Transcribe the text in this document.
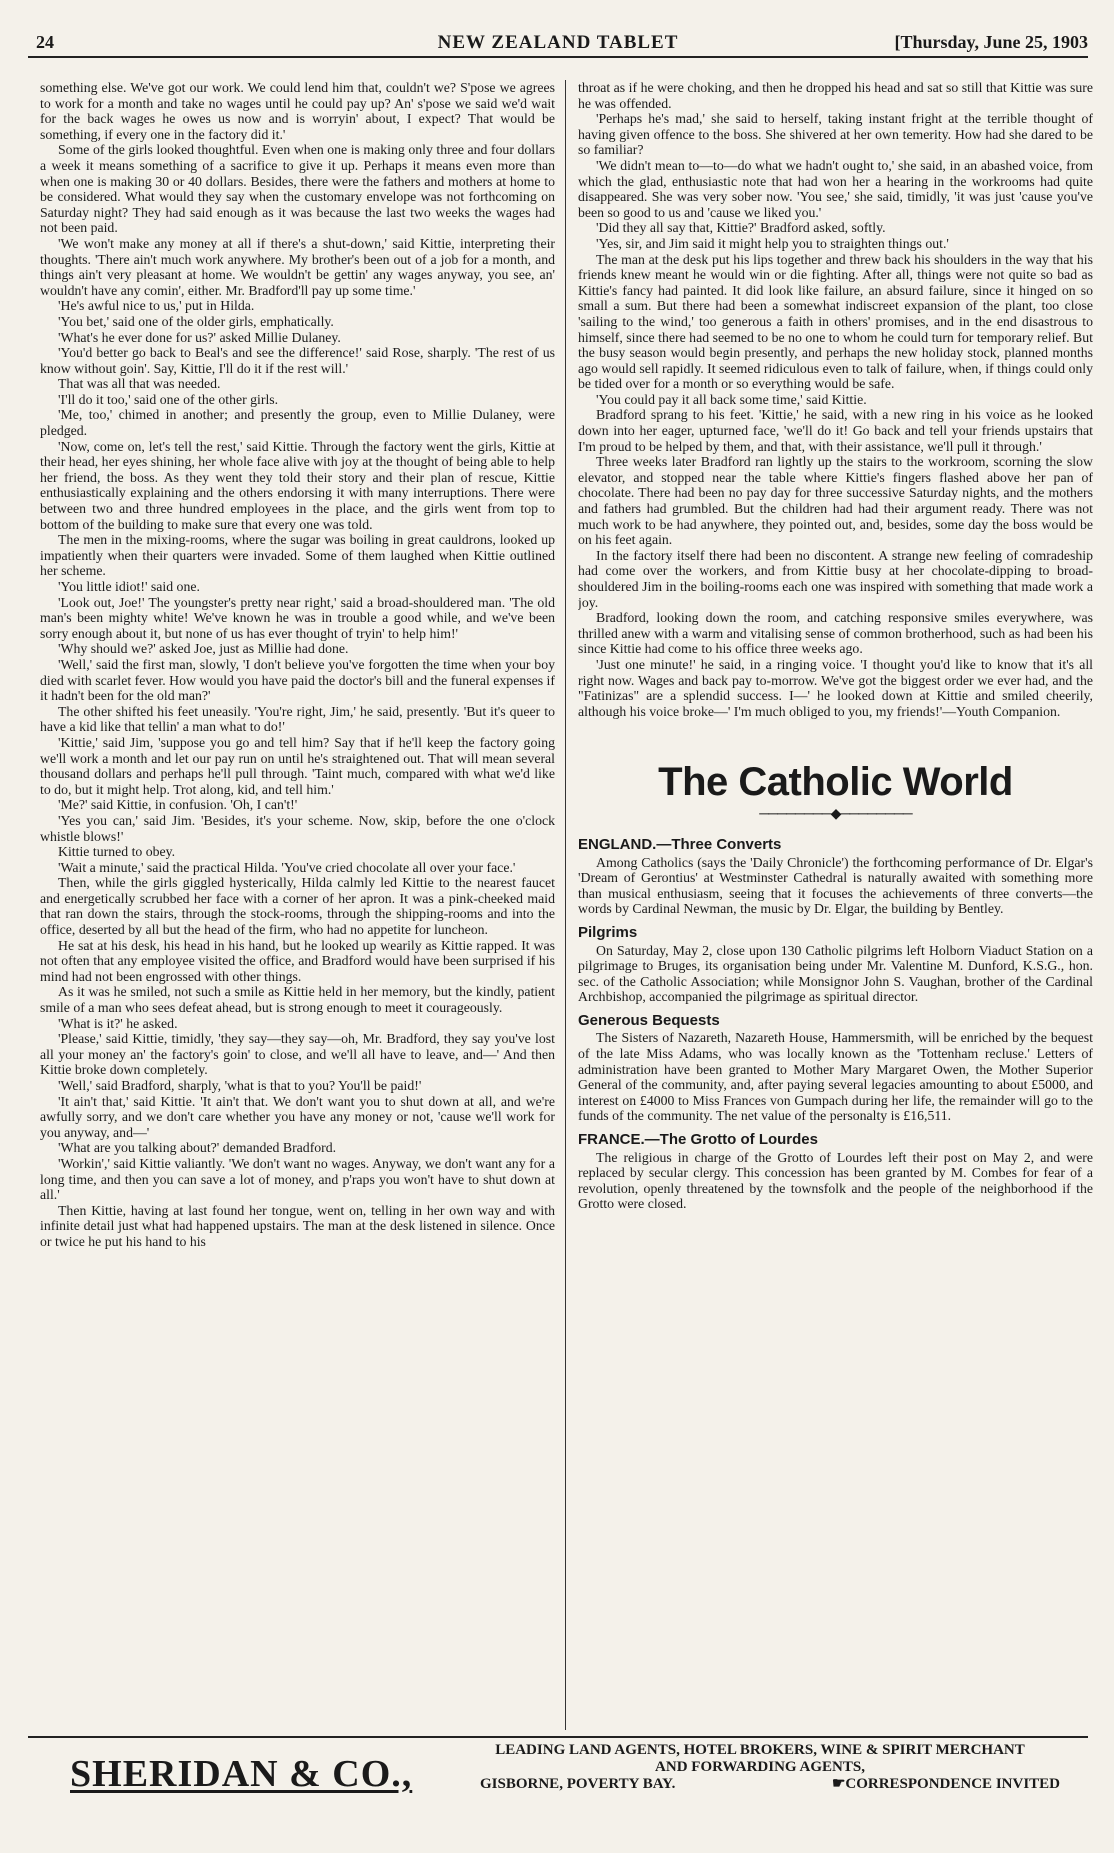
24	NEW ZEALAND TABLET	[Thursday, June 25, 1903

something else. We've got our work. We could lend him that, couldn't we? S'pose we agrees to work for a month and take no wages until he could pay up? An' s'pose we said we'd wait for the back wages he owes us now and is worryin' about, I expect? That would be something, if every one in the factory did it.'

Some of the girls looked thoughtful. Even when one is making only three and four dollars a week it means something of a sacrifice to give it up. Perhaps it means even more than when one is making 30 or 40 dollars. Besides, there were the fathers and mothers at home to be considered. What would they say when the customary envelope was not forthcoming on Saturday night? They had said enough as it was because the last two weeks the wages had not been paid.

'We won't make any money at all if there's a shut-down,' said Kittie, interpreting their thoughts. 'There ain't much work anywhere. My brother's been out of a job for a month, and things ain't very pleasant at home. We wouldn't be gettin' any wages anyway, you see, an' wouldn't have any comin', either. Mr. Bradford'll pay up some time.'

'He's awful nice to us,' put in Hilda.

'You bet,' said one of the older girls, emphatically.

'What's he ever done for us?' asked Millie Dulaney.

'You'd better go back to Beal's and see the difference!' said Rose, sharply. 'The rest of us know without goin'. Say, Kittie, I'll do it if the rest will.'

That was all that was needed.

'I'll do it too,' said one of the other girls.

'Me, too,' chimed in another; and presently the group, even to Millie Dulaney, were pledged.

'Now, come on, let's tell the rest,' said Kittie. Through the factory went the girls, Kittie at their head, her eyes shining, her whole face alive with joy at the thought of being able to help her friend, the boss. As they went they told their story and their plan of rescue, Kittie enthusiastically explaining and the others endorsing it with many interruptions. There were between two and three hundred employees in the place, and the girls went from top to bottom of the building to make sure that every one was told.

The men in the mixing-rooms, where the sugar was boiling in great cauldrons, looked up impatiently when their quarters were invaded. Some of them laughed when Kittie outlined her scheme.

'You little idiot!' said one.

'Look out, Joe!' The youngster's pretty near right,' said a broad-shouldered man. 'The old man's been mighty white! We've known he was in trouble a good while, and we've been sorry enough about it, but none of us has ever thought of tryin' to help him!'

'Why should we?' asked Joe, just as Millie had done.

'Well,' said the first man, slowly, 'I don't believe you've forgotten the time when your boy died with scarlet fever. How would you have paid the doctor's bill and the funeral expenses if it hadn't been for the old man?'

The other shifted his feet uneasily. 'You're right, Jim,' he said, presently. 'But it's queer to have a kid like that tellin' a man what to do!'

'Kittie,' said Jim, 'suppose you go and tell him? Say that if he'll keep the factory going we'll work a month and let our pay run on until he's straightened out. That will mean several thousand dollars and perhaps he'll pull through. 'Taint much, compared with what we'd like to do, but it might help. Trot along, kid, and tell him.'

'Me?' said Kittie, in confusion. 'Oh, I can't!'

'Yes you can,' said Jim. 'Besides, it's your scheme. Now, skip, before the one o'clock whistle blows!'

Kittie turned to obey.

'Wait a minute,' said the practical Hilda. 'You've cried chocolate all over your face.'

Then, while the girls giggled hysterically, Hilda calmly led Kittie to the nearest faucet and energetically scrubbed her face with a corner of her apron. It was a pink-cheeked maid that ran down the stairs, through the stock-rooms, through the shipping-rooms and into the office, deserted by all but the head of the firm, who had no appetite for luncheon.

He sat at his desk, his head in his hand, but he looked up wearily as Kittie rapped. It was not often that any employee visited the office, and Bradford would have been surprised if his mind had not been engrossed with other things.

As it was he smiled, not such a smile as Kittie held in her memory, but the kindly, patient smile of a man who sees defeat ahead, but is strong enough to meet it courageously.

'What is it?' he asked.

'Please,' said Kittie, timidly, 'they say—they say—oh, Mr. Bradford, they say you've lost all your money an' the factory's goin' to close, and we'll all have to leave, and—' And then Kittie broke down completely.

'Well,' said Bradford, sharply, 'what is that to you? You'll be paid!'

'It ain't that,' said Kittie. 'It ain't that. We don't want you to shut down at all, and we're awfully sorry, and we don't care whether you have any money or not, 'cause we'll work for you anyway, and—'

'What are you talking about?' demanded Bradford.

'Workin',' said Kittie valiantly. 'We don't want no wages. Anyway, we don't want any for a long time, and then you can save a lot of money, and p'raps you won't have to shut down at all.'

Then Kittie, having at last found her tongue, went on, telling in her own way and with infinite detail just what had happened upstairs. The man at the desk listened in silence. Once or twice he put his hand to his

throat as if he were choking, and then he dropped his head and sat so still that Kittie was sure he was offended.

'Perhaps he's mad,' she said to herself, taking instant fright at the terrible thought of having given offence to the boss. She shivered at her own temerity. How had she dared to be so familiar?

'We didn't mean to—to—do what we hadn't ought to,' she said, in an abashed voice, from which the glad, enthusiastic note that had won her a hearing in the workrooms had quite disappeared. She was very sober now. 'You see,' she said, timidly, 'it was just 'cause you've been so good to us and 'cause we liked you.'

'Did they all say that, Kittie?' Bradford asked, softly.

'Yes, sir, and Jim said it might help you to straighten things out.'

The man at the desk put his lips together and threw back his shoulders in the way that his friends knew meant he would win or die fighting. After all, things were not quite so bad as Kittie's fancy had painted. It did look like failure, an absurd failure, since it hinged on so small a sum. But there had been a somewhat indiscreet expansion of the plant, too close 'sailing to the wind,' too generous a faith in others' promises, and in the end disastrous to himself, since there had seemed to be no one to whom he could turn for temporary relief. But the busy season would begin presently, and perhaps the new holiday stock, planned months ago would sell rapidly. It seemed ridiculous even to talk of failure, when, if things could only be tided over for a month or so everything would be safe.

'You could pay it all back some time,' said Kittie.

Bradford sprang to his feet. 'Kittie,' he said, with a new ring in his voice as he looked down into her eager, upturned face, 'we'll do it! Go back and tell your friends upstairs that I'm proud to be helped by them, and that, with their assistance, we'll pull it through.'

Three weeks later Bradford ran lightly up the stairs to the workroom, scorning the slow elevator, and stopped near the table where Kittie's fingers flashed above her pan of chocolate. There had been no pay day for three successive Saturday nights, and the mothers and fathers had grumbled. But the children had had their argument ready. There was not much work to be had anywhere, they pointed out, and, besides, some day the boss would be on his feet again.

In the factory itself there had been no discontent. A strange new feeling of comradeship had come over the workers, and from Kittie busy at her chocolate-dipping to broad-shouldered Jim in the boiling-rooms each one was inspired with something that made work a joy.

Bradford, looking down the room, and catching responsive smiles everywhere, was thrilled anew with a warm and vitalising sense of common brotherhood, such as had been his since Kittie had come to his office three weeks ago.

'Just one minute!' he said, in a ringing voice. 'I thought you'd like to know that it's all right now. Wages and back pay to-morrow. We've got the biggest order we ever had, and the "Fatinizas" are a splendid success. I—' he looked down at Kittie and smiled cheerily, although his voice broke—' I'm much obliged to you, my friends!'—Youth Companion.

The Catholic World
────────◆────────
ENGLAND.—Three Converts

Among Catholics (says the 'Daily Chronicle') the forthcoming performance of Dr. Elgar's 'Dream of Gerontius' at Westminster Cathedral is naturally awaited with something more than musical enthusiasm, seeing that it focuses the achievements of three converts—the words by Cardinal Newman, the music by Dr. Elgar, the building by Bentley.

Pilgrims

On Saturday, May 2, close upon 130 Catholic pilgrims left Holborn Viaduct Station on a pilgrimage to Bruges, its organisation being under Mr. Valentine M. Dunford, K.S.G., hon. sec. of the Catholic Association; while Monsignor John S. Vaughan, brother of the Cardinal Archbishop, accompanied the pilgrimage as spiritual director.

Generous Bequests

The Sisters of Nazareth, Nazareth House, Hammersmith, will be enriched by the bequest of the late Miss Adams, who was locally known as the 'Tottenham recluse.' Letters of administration have been granted to Mother Mary Margaret Owen, the Mother Superior General of the community, and, after paying several legacies amounting to about £5000, and interest on £4000 to Miss Frances von Gumpach during her life, the remainder will go to the funds of the community. The net value of the personalty is £16,511.

FRANCE.—The Grotto of Lourdes

The religious in charge of the Grotto of Lourdes left their post on May 2, and were replaced by secular clergy. This concession has been granted by M. Combes for fear of a revolution, openly threatened by the townsfolk and the people of the neighborhood if the Grotto were closed.

SHERIDAN & CO.,
LEADING LAND AGENTS, HOTEL BROKERS, WINE & SPIRIT MERCHANT
AND FORWARDING AGENTS,
GISBORNE, POVERTY BAY.	☛CORRESPONDENCE INVITED
